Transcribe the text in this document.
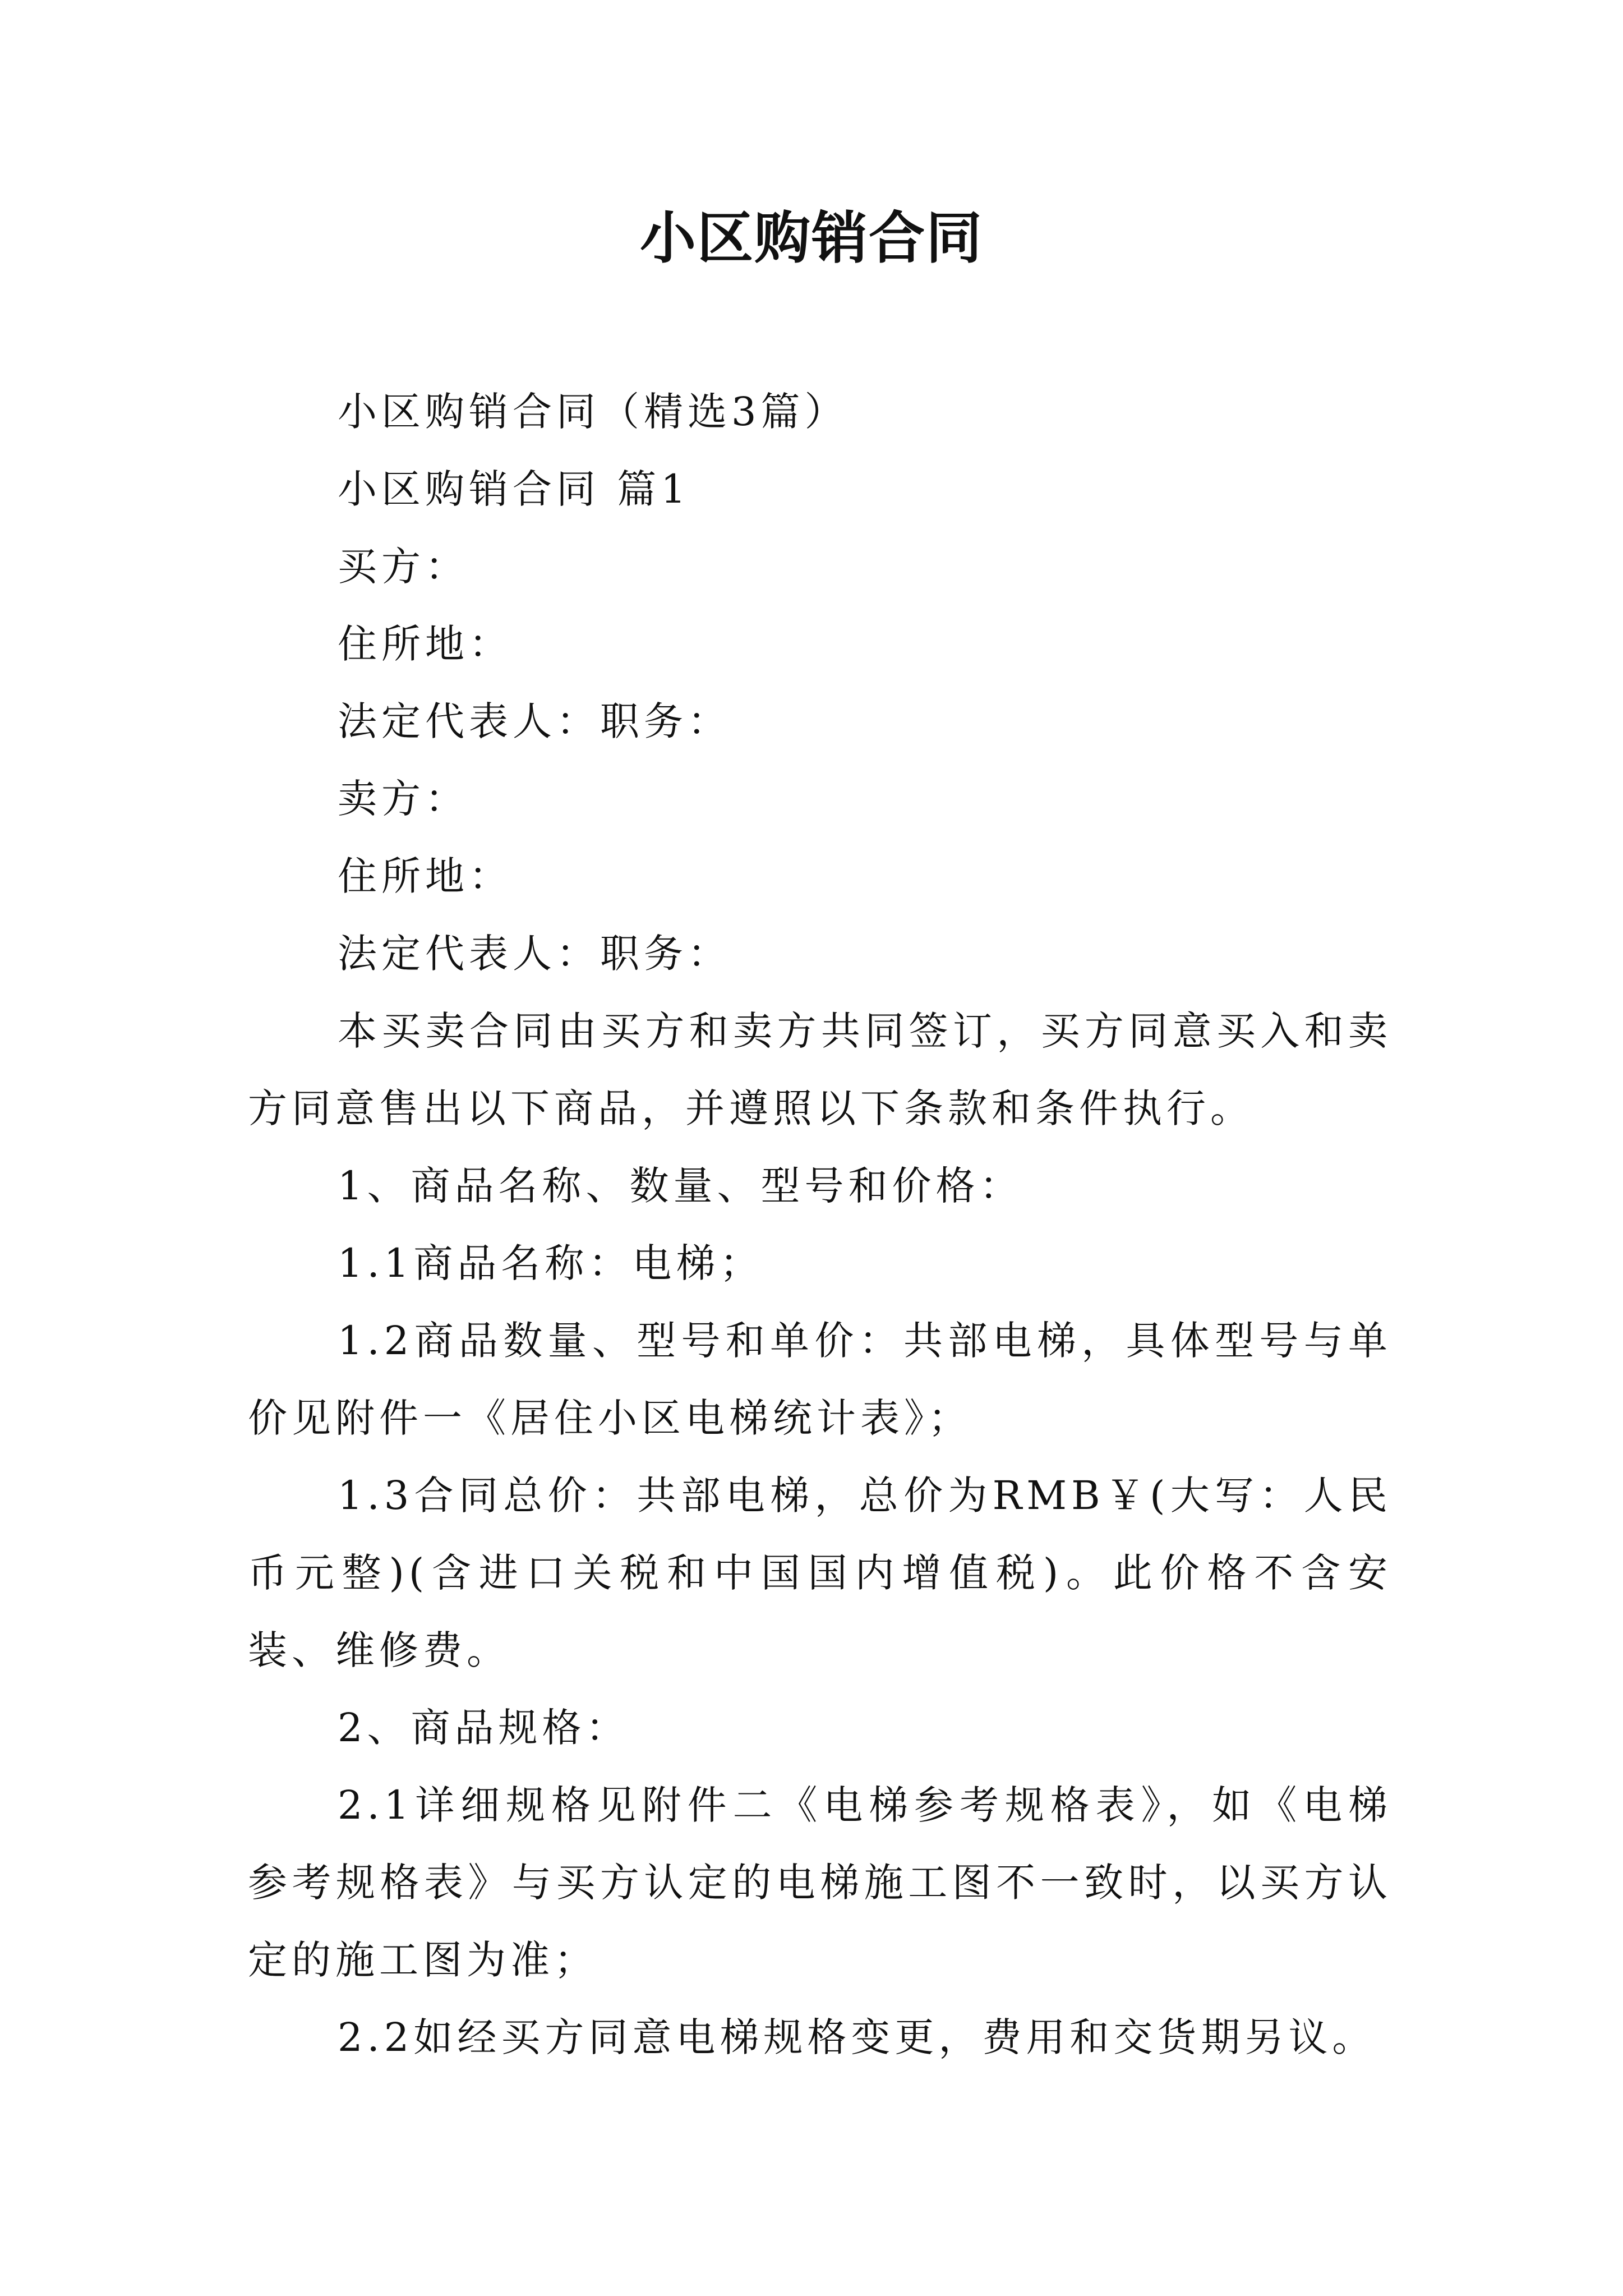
小区购销合同

小区购销合同（精选3篇）

小区购销合同 篇1

买方：

住所地：

法定代表人：职务：

卖方：

住所地：

法定代表人：职务：

本买卖合同由买方和卖方共同签订，买方同意买入和卖方同意售出以下商品，并遵照以下条款和条件执行。

1、商品名称、数量、型号和价格：

1.1商品名称：电梯；

1.2商品数量、型号和单价：共部电梯，具体型号与单价见附件一《居住小区电梯统计表》；

1.3合同总价：共部电梯，总价为RMB￥(大写：人民币元整)(含进口关税和中国国内增值税)。此价格不含安装、维修费。

2、商品规格：

2.1详细规格见附件二《电梯参考规格表》，如《电梯参考规格表》与买方认定的电梯施工图不一致时，以买方认定的施工图为准；

2.2如经买方同意电梯规格变更，费用和交货期另议。
